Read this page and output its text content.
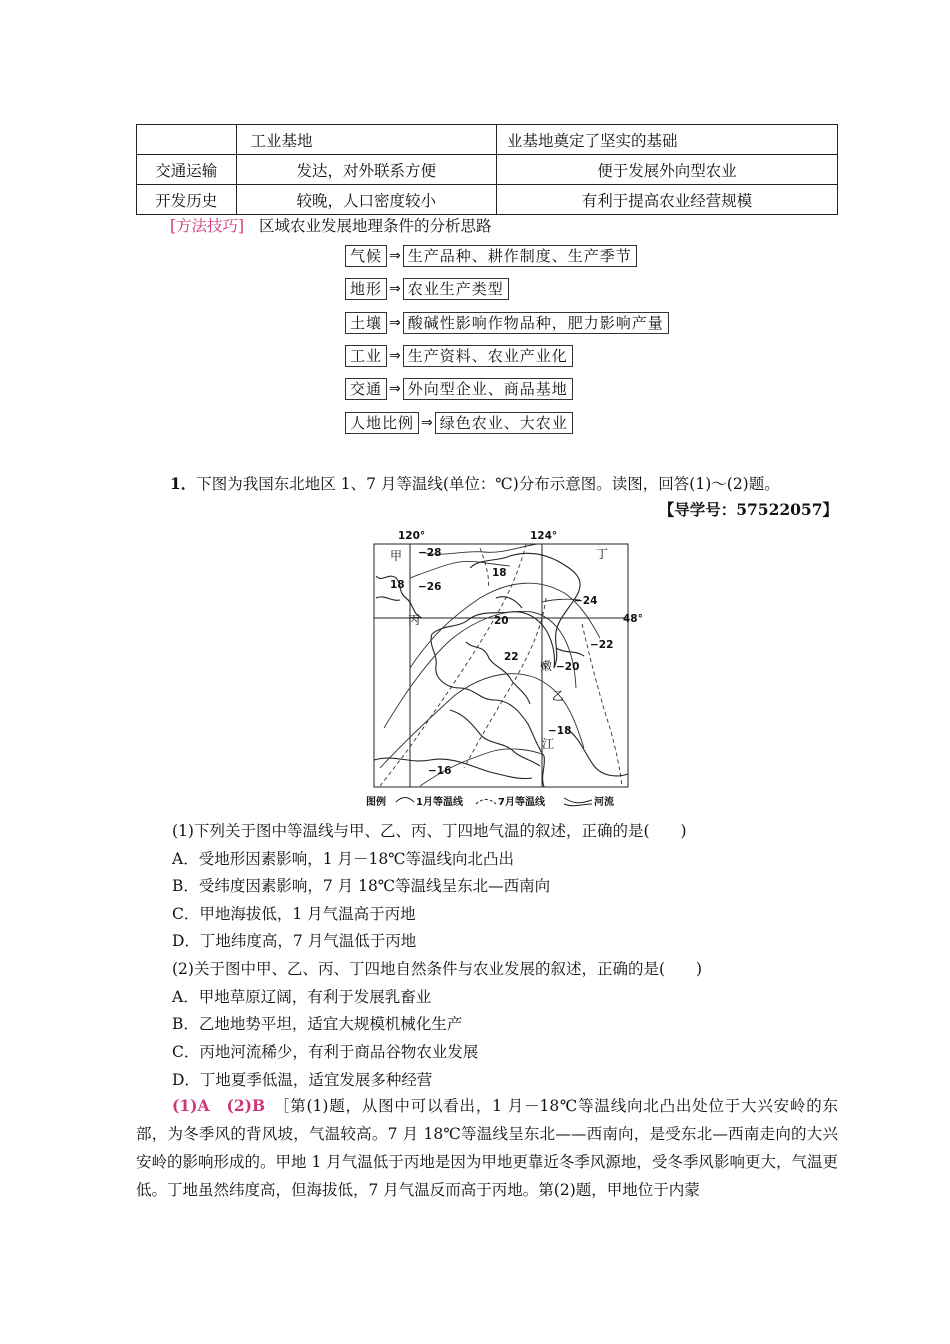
	工业基地	业基地奠定了坚实的基础
交通运输	发达，对外联系方便	便于发展外向型农业
开发历史	较晚，人口密度较小	有利于提高农业经营规模
[方法技巧] 区域农业发展地理条件的分析思路
气候 ⇒ 生产品种、耕作制度、生产季节
地形 ⇒ 农业生产类型
土壤 ⇒ 酸碱性影响作物品种，肥力影响产量
工业 ⇒ 生产资料、农业产业化
交通 ⇒ 外向型企业、商品基地
人地比例 ⇒ 绿色农业、大农业
1．下图为我国东北地区 1、7 月等温线(单位：℃)分布示意图。读图，回答(1)～(2)题。
【导学号：57522057】
120°	124°
48°
−28
−26
18
18
−24
20
−22
22
−20
−18
−16
甲
丙
丁
乙
嫩
江
图例	1月等温线	7月等温线	河流
(1)下列关于图中等温线与甲、乙、丙、丁四地气温的叙述，正确的是(　　)
A．受地形因素影响，1 月－18℃等温线向北凸出
B．受纬度因素影响，7 月 18℃等温线呈东北—西南向
C．甲地海拔低，1 月气温高于丙地
D．丁地纬度高，7 月气温低于丙地
(2)关于图中甲、乙、丙、丁四地自然条件与农业发展的叙述，正确的是(　　)
A．甲地草原辽阔，有利于发展乳畜业
B．乙地地势平坦，适宜大规模机械化生产
C．丙地河流稀少，有利于商品谷物农业发展
D．丁地夏季低温，适宜发展多种经营
(1)A　(2)B ［第(1)题，从图中可以看出，1 月－18℃等温线向北凸出处位于大兴安岭的东部，为冬季风的背风坡，气温较高。7 月 18℃等温线呈东北——西南向，是受东北—西南走向的大兴安岭的影响形成的。甲地 1 月气温低于丙地是因为甲地更靠近冬季风源地，受冬季风影响更大，气温更低。丁地虽然纬度高，但海拔低，7 月气温反而高于丙地。第(2)题，甲地位于内蒙
